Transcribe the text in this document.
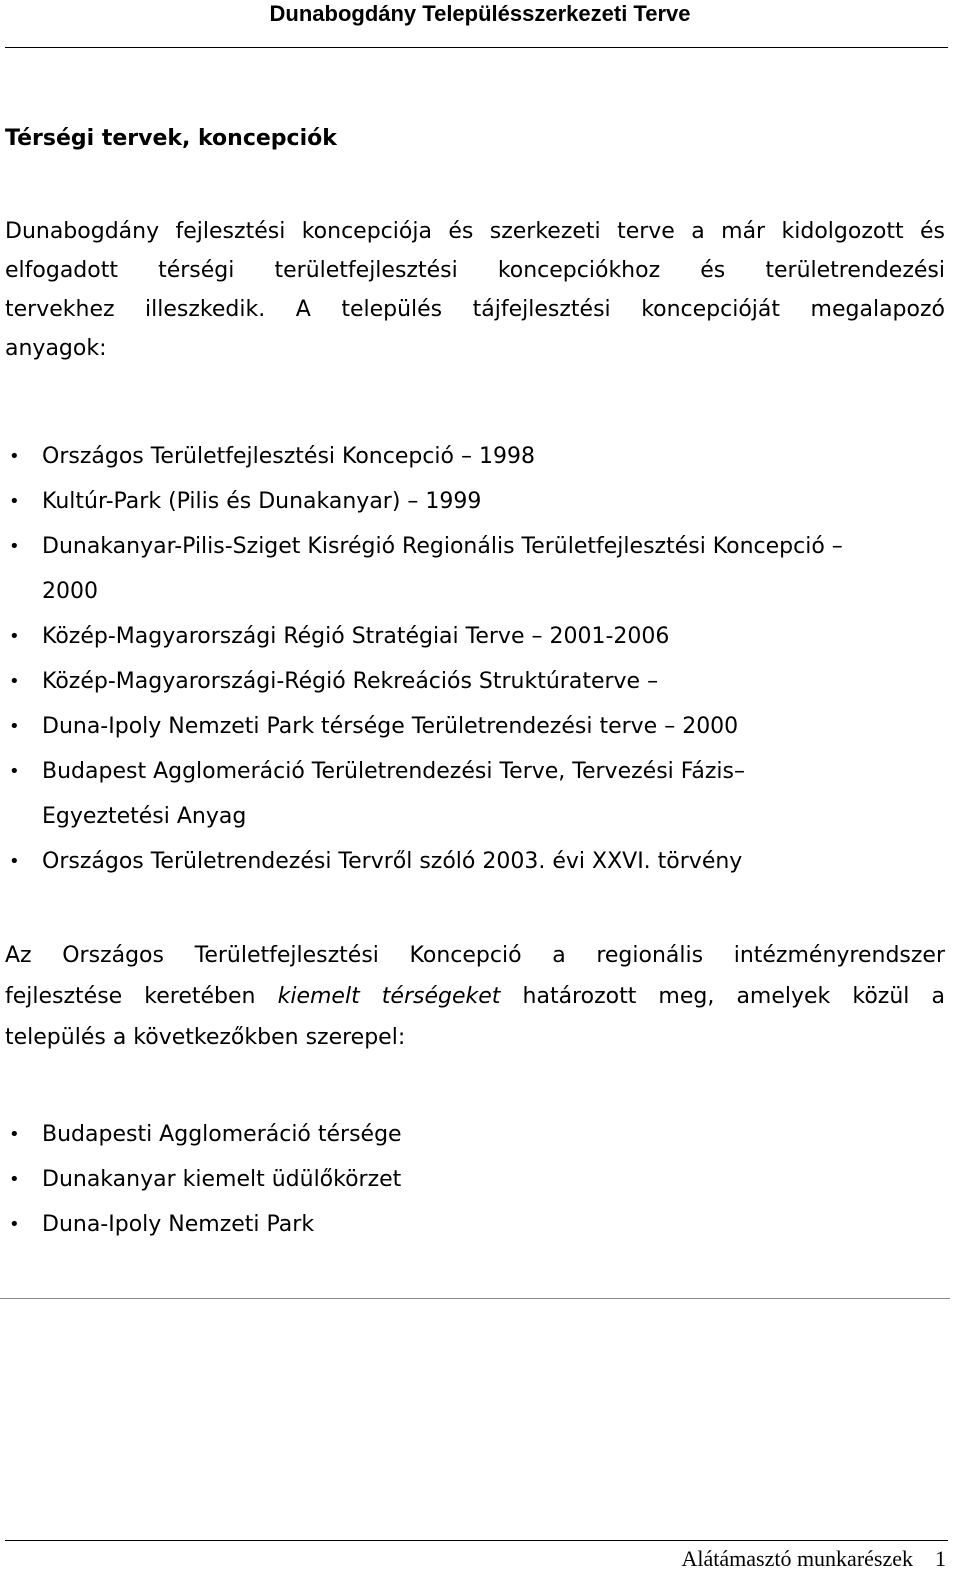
Dunabogdány Településszerkezeti Terve
Térségi tervek, koncepciók
Dunabogdány fejlesztési koncepciója és szerkezeti terve a már kidolgozott és
elfogadott térségi területfejlesztési koncepciókhoz és területrendezési
tervekhez illeszkedik. A település tájfejlesztési koncepcióját megalapozó
anyagok:
• Országos Területfejlesztési Koncepció – 1998
• Kultúr-Park (Pilis és Dunakanyar) – 1999
• Dunakanyar-Pilis-Sziget Kisrégió Regionális Területfejlesztési Koncepció –
2000
• Közép-Magyarországi Régió Stratégiai Terve – 2001-2006
• Közép-Magyarországi-Régió Rekreációs Struktúraterve –
• Duna-Ipoly Nemzeti Park térsége Területrendezési terve – 2000
• Budapest Agglomeráció Területrendezési Terve, Tervezési Fázis–
Egyeztetési Anyag
• Országos Területrendezési Tervről szóló 2003. évi XXVI. törvény
Az Országos Területfejlesztési Koncepció a regionális intézményrendszer
fejlesztése keretében kiemelt térségeket határozott meg, amelyek közül a
település a következőkben szerepel:
• Budapesti Agglomeráció térsége
• Dunakanyar kiemelt üdülőkörzet
• Duna-Ipoly Nemzeti Park
Alátámasztó munkarészek 1
